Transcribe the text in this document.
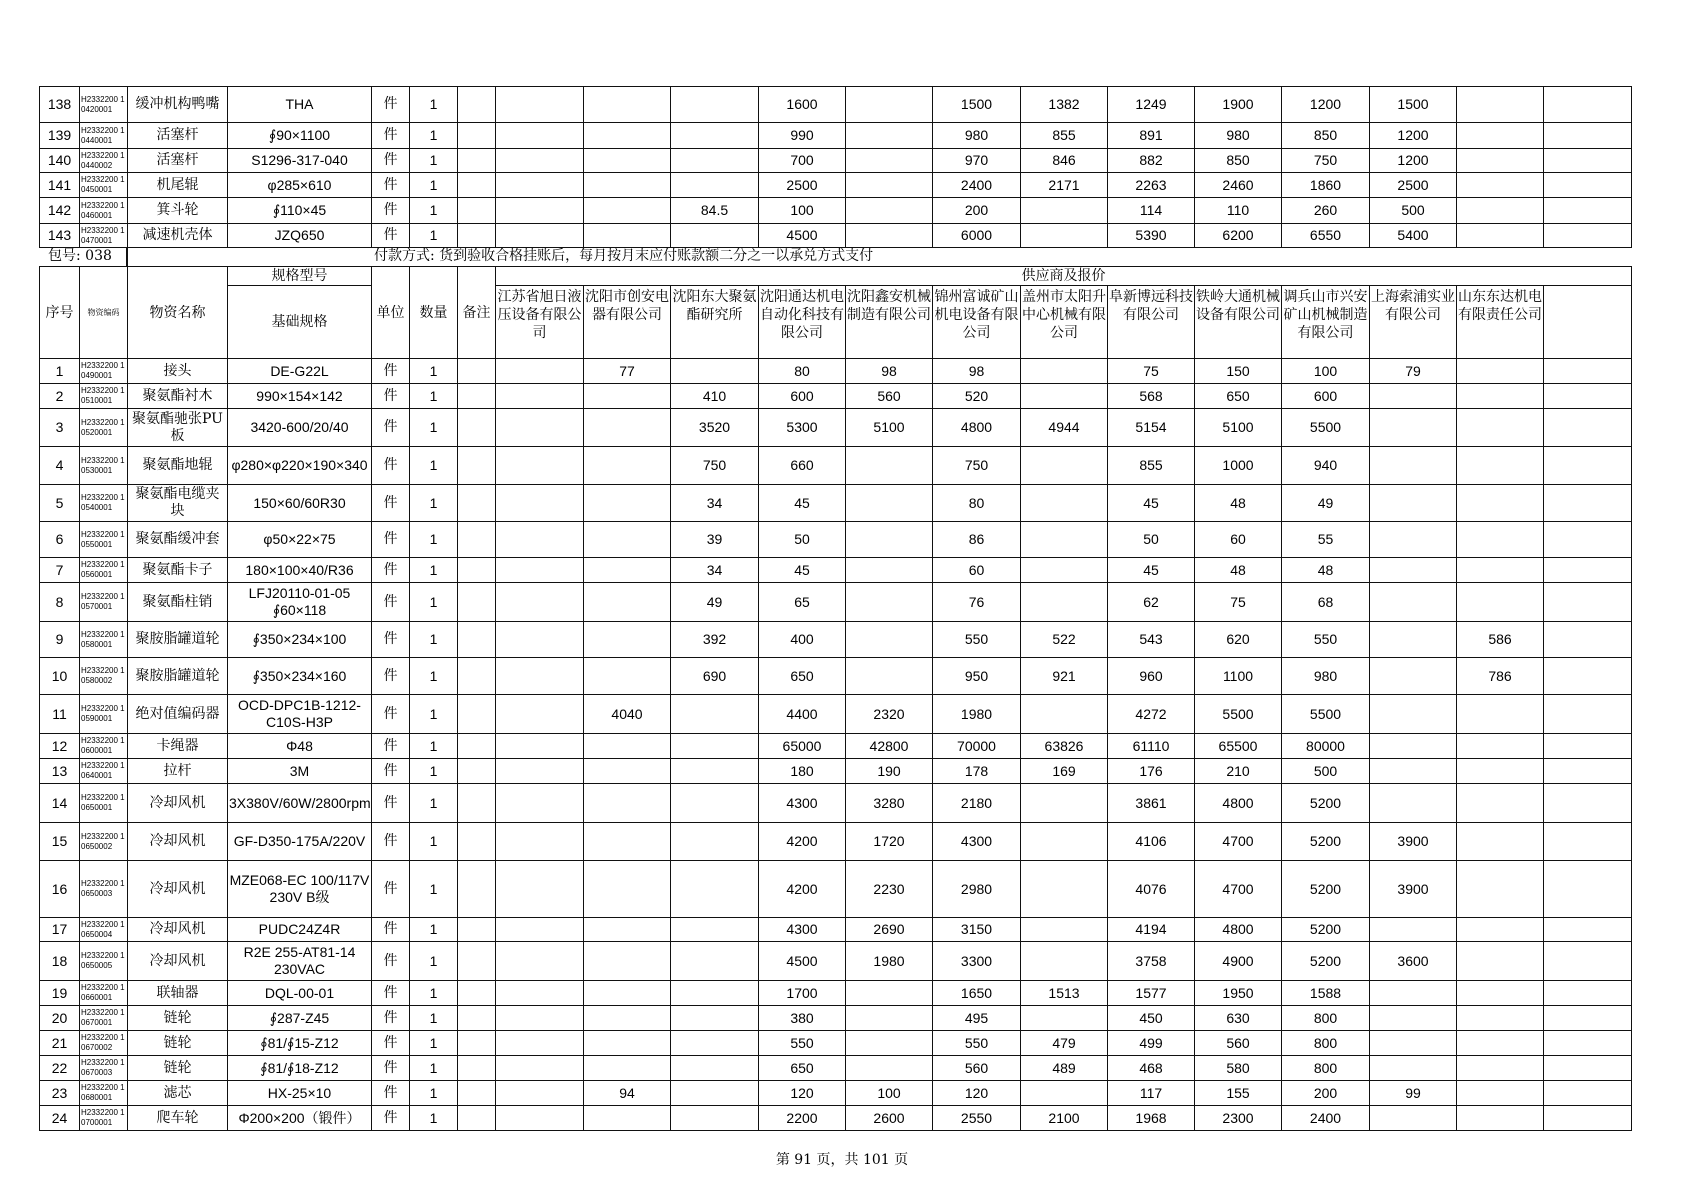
138	H2332200 10420001	缓冲机构鸭嘴	THA	件	1					1600		1500	1382	1249	1900	1200	1500		
139	H2332200 10440001	活塞杆	∮90×1100	件	1					990		980	855	891	980	850	1200		
140	H2332200 10440002	活塞杆	S1296-317-040	件	1					700		970	846	882	850	750	1200		
141	H2332200 10450001	机尾辊	φ285×610	件	1					2500		2400	2171	2263	2460	1860	2500		
142	H2332200 10460001	箕斗轮	∮110×45	件	1				84.5	100		200		114	110	260	500		
143	H2332200 10470001	减速机壳体	JZQ650	件	1					4500		6000		5390	6200	6550	5400		
包号: 038	付款方式: 货到验收合格挂账后，每月按月末应付账款额二分之一以承兑方式支付
序号	物资编码	物资名称	规格型号	单位	数量	备注	供应商及报价												
			基础规格				江苏省旭日液压设备有限公司	沈阳市创安电器有限公司	沈阳东大聚氨酯研究所	沈阳通达机电自动化科技有限公司	沈阳鑫安机械制造有限公司	锦州富诚矿山机电设备有限公司	盖州市太阳升中心机械有限公司	阜新博远科技有限公司	铁岭大通机械设备有限公司	调兵山市兴安矿山机械制造有限公司	上海索浦实业有限公司	山东东达机电有限责任公司	
1	H2332200 10490001	接头	DE-G22L	件	1			77		80	98	98		75	150	100	79		
2	H2332200 10510001	聚氨酯衬木	990×154×142	件	1				410	600	560	520		568	650	600			
3	H2332200 10520001	聚氨酯驰张PU板	3420-600/20/40	件	1				3520	5300	5100	4800	4944	5154	5100	5500			
4	H2332200 10530001	聚氨酯地辊	φ280×φ220×190×340	件	1				750	660		750		855	1000	940			
5	H2332200 10540001	聚氨酯电缆夹块	150×60/60R30	件	1				34	45		80		45	48	49			
6	H2332200 10550001	聚氨酯缓冲套	φ50×22×75	件	1				39	50		86		50	60	55			
7	H2332200 10560001	聚氨酯卡子	180×100×40/R36	件	1				34	45		60		45	48	48			
8	H2332200 10570001	聚氨酯柱销	LFJ20110-01-05 ∮60×118	件	1				49	65		76		62	75	68			
9	H2332200 10580001	聚胺脂罐道轮	∮350×234×100	件	1				392	400		550	522	543	620	550		586	
10	H2332200 10580002	聚胺脂罐道轮	∮350×234×160	件	1				690	650		950	921	960	1100	980		786	
11	H2332200 10590001	绝对值编码器	OCD-DPC1B-1212-C10S-H3P	件	1			4040		4400	2320	1980		4272	5500	5500			
12	H2332200 10600001	卡绳器	Φ48	件	1					65000	42800	70000	63826	61110	65500	80000			
13	H2332200 10640001	拉杆	3M	件	1					180	190	178	169	176	210	500			
14	H2332200 10650001	冷却风机	3X380V/60W/2800rpm	件	1					4300	3280	2180		3861	4800	5200			
15	H2332200 10650002	冷却风机	GF-D350-175A/220V	件	1					4200	1720	4300		4106	4700	5200	3900		
16	H2332200 10650003	冷却风机	MZE068-EC 100/117V 230V B级	件	1					4200	2230	2980		4076	4700	5200	3900		
17	H2332200 10650004	冷却风机	PUDC24Z4R	件	1					4300	2690	3150		4194	4800	5200			
18	H2332200 10650005	冷却风机	R2E 255-AT81-14 230VAC	件	1					4500	1980	3300		3758	4900	5200	3600		
19	H2332200 10660001	联轴器	DQL-00-01	件	1					1700		1650	1513	1577	1950	1588			
20	H2332200 10670001	链轮	∮287-Z45	件	1					380		495		450	630	800			
21	H2332200 10670002	链轮	∮81/∮15-Z12	件	1					550		550	479	499	560	800			
22	H2332200 10670003	链轮	∮81/∮18-Z12	件	1					650		560	489	468	580	800			
23	H2332200 10680001	滤芯	HX-25×10	件	1			94		120	100	120		117	155	200	99		
24	H2332200 10700001	爬车轮	Φ200×200（锻件）	件	1					2200	2600	2550	2100	1968	2300	2400			
第 91 页，共 101 页
